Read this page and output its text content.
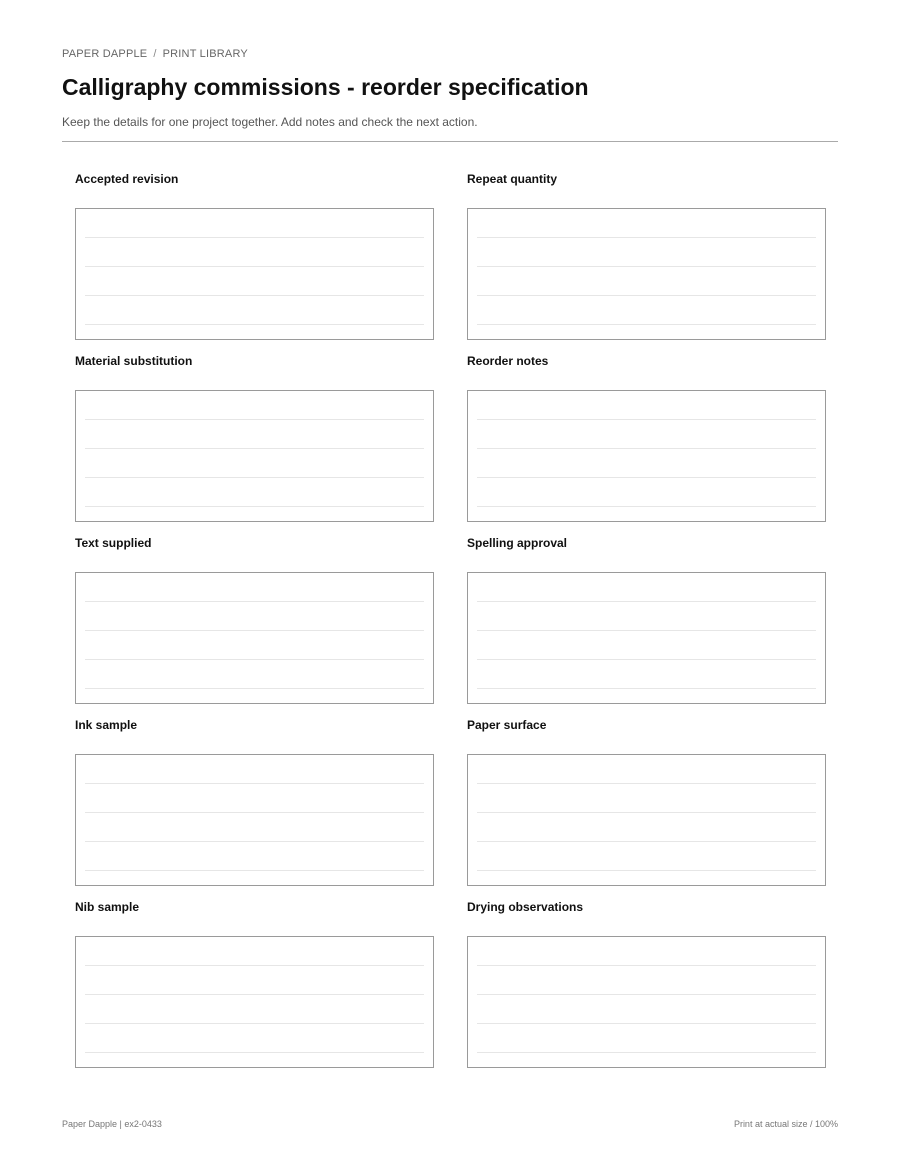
PAPER DAPPLE / PRINT LIBRARY
Calligraphy commissions - reorder specification

Keep the details for one project together. Add notes and check the next action.

Accepted revision	Repeat quantity
Material substitution	Reorder notes
Text supplied	Spelling approval
Ink sample	Paper surface
Nib sample	Drying observations
Paper Dapple | ex2-0433	Print at actual size / 100%
